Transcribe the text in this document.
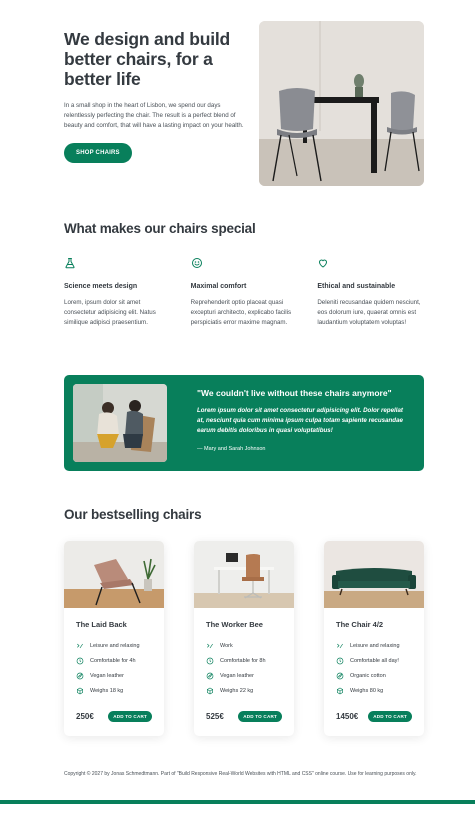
We design and build better chairs, for a better life

In a small shop in the heart of Lisbon, we spend our days relentlessly perfecting the chair. The result is a perfect blend of beauty and comfort, that will have a lasting impact on your health.

SHOP CHAIRS
What makes our chairs special
Science meets design

Lorem, ipsum dolor sit amet consectetur adipisicing elit. Natus similique adipisci praesentium.

Maximal comfort

Reprehenderit optio placeat quasi excepturi architecto, explicabo facilis perspiciatis error maxime magnam.

Ethical and sustainable

Deleniti recusandae quidem nesciunt, eos dolorum iure, quaerat omnis est laudantium voluptatem voluptas!

"We couldn't live without these chairs anymore"

Lorem ipsum dolor sit amet consectetur adipisicing elit. Dolor repellat at, nesciunt quia cum minima ipsum culpa totam sapiente recusandae earum debitis doloribus in quasi voluptatibus!

— Mary and Sarah Johnson
Our bestselling chairs
The Laid Back
Leisure and relaxing
Comfortable for 4h
Vegan leather
Weighs 18 kg
250€	ADD TO CART
The Worker Bee
Work
Comfortable for 8h
Vegan leather
Weighs 22 kg
525€	ADD TO CART
The Chair 4/2
Leisure and relaxing
Comfortable all day!
Organic cotton
Weighs 80 kg
1450€	ADD TO CART
Copyright © 2027 by Jonas Schmedtmann. Part of "Build Responsive Real-World Websites with HTML and CSS" online course. Use for learning purposes only.
